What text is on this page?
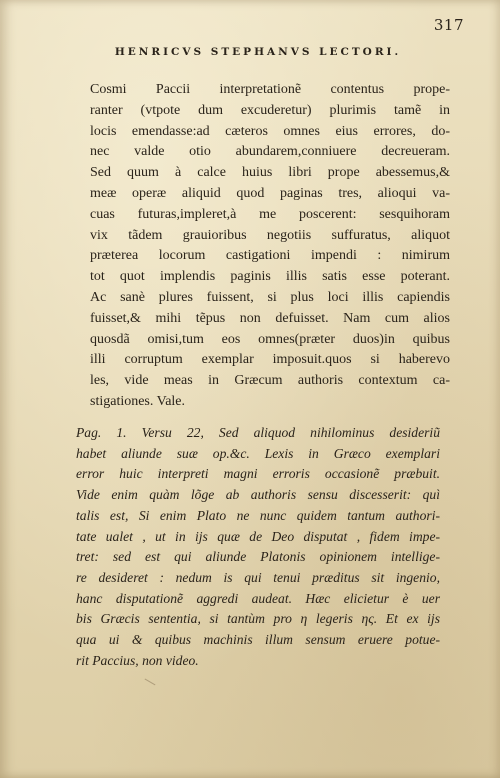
317
HENRICVS STEPHANVS LECTORI.
Cosmi Paccii interpretationẽ contentus prope-
ranter (vtpote dum excuderetur) plurimis tamẽ in
locis emendasse:ad cæteros omnes eius errores, do-
nec valde otio abundarem,conniuere decreueram.
Sed quum à calce huius libri prope abessemus,&
meæ operæ aliquid quod paginas tres, alioqui va-
cuas futuras,impleret,à me poscerent: sesquihoram
vix tãdem grauioribus negotiis suffuratus, aliquot
præterea locorum castigationi impendi : nimirum
tot quot implendis paginis illis satis esse poterant.
Ac sanè plures fuissent, si plus loci illis capiendis
fuisset,& mihi tẽpus non defuisset. Nam cum alios
quosdã omisi,tum eos omnes(præter duos)in quibus
illi corruptum exemplar imposuit.quos si haberevo
les, vide meas in Græcum authoris contextum ca-
stigationes. Vale.
Pag. 1. Versu 22, Sed aliquod nihilominus desideriũ
habet aliunde suæ op.&c. Lexis in Græco exemplari
error huic interpreti magni erroris occasionẽ præbuit.
Vide enim quàm lõge ab authoris sensu discesserit: quì
talis est, Si enim Plato ne nunc quidem tantum authori-
tate ualet , ut in ijs quæ de Deo disputat , fidem impe-
tret: sed est qui aliunde Platonis opinionem intellige-
re desideret : nedum is qui tenui præditus sit ingenio,
hanc disputationẽ aggredi audeat. Hæc elicietur è uer
bis Græcis sententia, si tantùm pro η legeris ης. Et ex ijs
qua ui & quibus machinis illum sensum eruere potue-
rit Paccius, non video.
